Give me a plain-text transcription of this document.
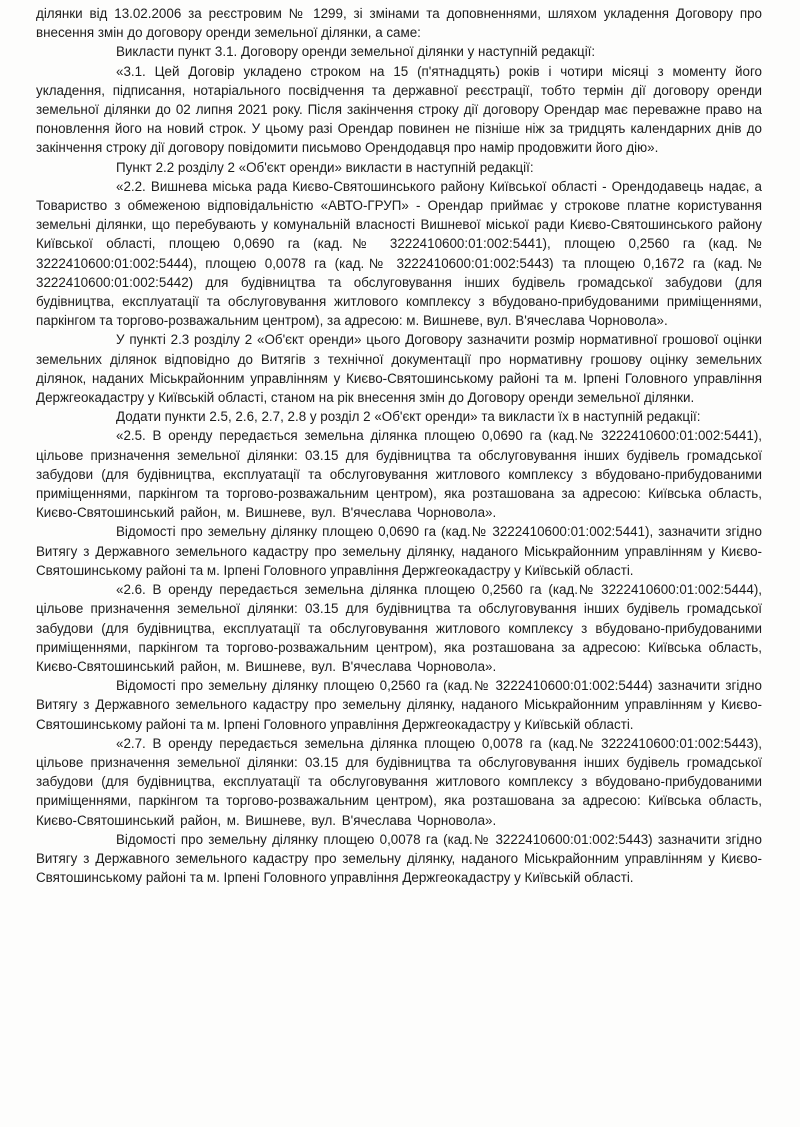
ділянки від 13.02.2006 за реєстровим № 1299, зі змінами та доповненнями, шляхом укладення Договору про внесення змін до договору оренди земельної ділянки, а саме:

Викласти пункт 3.1. Договору оренди земельної ділянки у наступній редакції:

«3.1. Цей Договір укладено строком на 15 (п'ятнадцять) років і чотири місяці з моменту його укладення, підписання, нотаріального посвідчення та державної реєстрації, тобто термін дії договору оренди земельної ділянки до 02 липня 2021 року. Після закінчення строку дії договору Орендар має переважне право на поновлення його на новий строк. У цьому разі Орендар повинен не пізніше ніж за тридцять календарних днів до закінчення строку дії договору повідомити письмово Орендодавця про намір продовжити його дію».

Пункт 2.2 розділу 2 «Об'єкт оренди» викласти в наступній редакції:

«2.2. Вишнева міська рада Києво-Святошинського району Київської області - Орендодавець надає, а Товариство з обмеженою відповідальністю «АВТО-ГРУП» - Орендар приймає у строкове платне користування земельні ділянки, що перебувають у комунальній власності Вишневої міської ради Києво-Святошинського району Київської області, площею 0,0690 га (кад.№ 3222410600:01:002:5441), площею 0,2560 га (кад.№ 3222410600:01:002:5444), площею 0,0078 га (кад.№ 3222410600:01:002:5443) та площею 0,1672 га (кад.№ 3222410600:01:002:5442) для будівництва та обслуговування інших будівель громадської забудови (для будівництва, експлуатації та обслуговування житлового комплексу з вбудовано-прибудованими приміщеннями, паркінгом та торгово-розважальним центром), за адресою: м. Вишневе, вул. В'ячеслава Чорновола».

У пункті 2.3 розділу 2 «Об'єкт оренди» цього Договору зазначити розмір нормативної грошової оцінки земельних ділянок відповідно до Витягів з технічної документації про нормативну грошову оцінку земельних ділянок, наданих Міськрайонним управлінням у Києво-Святошинському районі та м. Ірпені Головного управління Держгеокадастру у Київській області, станом на рік внесення змін до Договору оренди земельної ділянки.

Додати пункти 2.5, 2.6, 2.7, 2.8 у розділ 2 «Об'єкт оренди» та викласти їх в наступній редакції:

«2.5. В оренду передається земельна ділянка площею 0,0690 га (кад.№ 3222410600:01:002:5441), цільове призначення земельної ділянки: 03.15 для будівництва та обслуговування інших будівель громадської забудови (для будівництва, експлуатації та обслуговування житлового комплексу з вбудовано-прибудованими приміщеннями, паркінгом та торгово-розважальним центром), яка розташована за адресою: Київська область, Києво-Святошинський район, м. Вишневе, вул. В'ячеслава Чорновола».

Відомості про земельну ділянку площею 0,0690 га (кад.№ 3222410600:01:002:5441), зазначити згідно Витягу з Державного земельного кадастру про земельну ділянку, наданого Міськрайонним управлінням у Києво-Святошинському районі та м. Ірпені Головного управління Держгеокадастру у Київській області.

«2.6. В оренду передається земельна ділянка площею 0,2560 га (кад.№ 3222410600:01:002:5444), цільове призначення земельної ділянки: 03.15 для будівництва та обслуговування інших будівель громадської забудови (для будівництва, експлуатації та обслуговування житлового комплексу з вбудовано-прибудованими приміщеннями, паркінгом та торгово-розважальним центром), яка розташована за адресою: Київська область, Києво-Святошинський район, м. Вишневе, вул. В'ячеслава Чорновола».

Відомості про земельну ділянку площею 0,2560 га (кад.№ 3222410600:01:002:5444) зазначити згідно Витягу з Державного земельного кадастру про земельну ділянку, наданого Міськрайонним управлінням у Києво-Святошинському районі та м. Ірпені Головного управління Держгеокадастру у Київській області.

«2.7. В оренду передається земельна ділянка площею 0,0078 га (кад.№ 3222410600:01:002:5443), цільове призначення земельної ділянки: 03.15 для будівництва та обслуговування інших будівель громадської забудови (для будівництва, експлуатації та обслуговування житлового комплексу з вбудовано-прибудованими приміщеннями, паркінгом та торгово-розважальним центром), яка розташована за адресою: Київська область, Києво-Святошинський район, м. Вишневе, вул. В'ячеслава Чорновола».

Відомості про земельну ділянку площею 0,0078 га (кад.№ 3222410600:01:002:5443) зазначити згідно Витягу з Державного земельного кадастру про земельну ділянку, наданого Міськрайонним управлінням у Києво-Святошинському районі та м. Ірпені Головного управління Держгеокадастру у Київській області.
